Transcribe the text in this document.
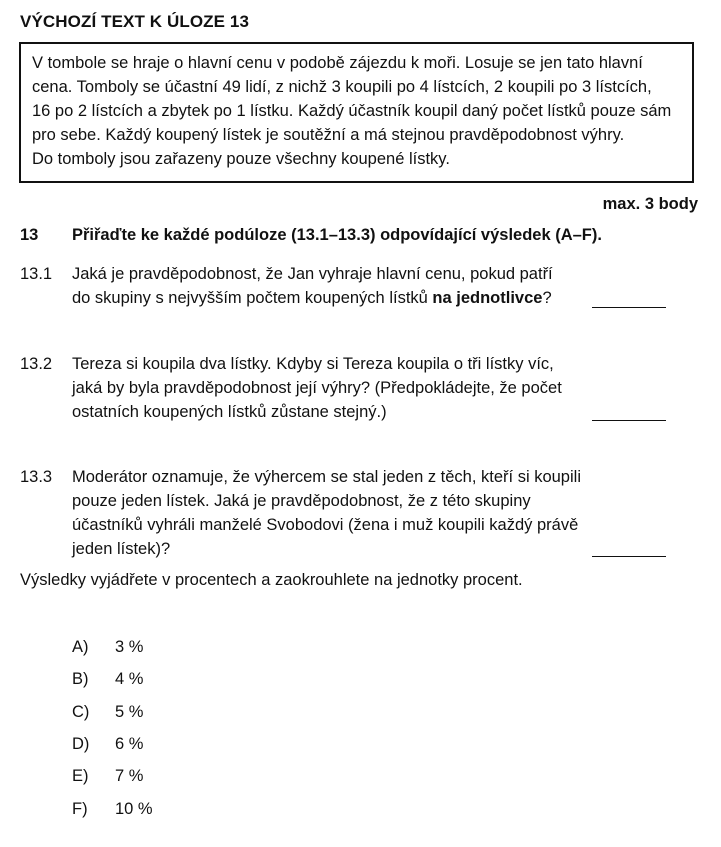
VÝCHOZÍ TEXT K ÚLOZE 13
V tombole se hraje o hlavní cenu v podobě zájezdu k moři. Losuje se jen tato hlavní
cena. Tomboly se účastní 49 lidí, z nichž 3 koupili po 4 lístcích, 2 koupili po 3 lístcích,
16 po 2 lístcích a zbytek po 1 lístku. Každý účastník koupil daný počet lístků pouze sám
pro sebe. Každý koupený lístek je soutěžní a má stejnou pravděpodobnost výhry.
Do tomboly jsou zařazeny pouze všechny koupené lístky.
max. 3 body
13 Přiřaďte ke každé podúloze (13.1–13.3) odpovídající výsledek (A–F).
13.1 Jaká je pravděpodobnost, že Jan vyhraje hlavní cenu, pokud patří
do skupiny s nejvyšším počtem koupených lístků na jednotlivce?
13.2 Tereza si koupila dva lístky. Kdyby si Tereza koupila o tři lístky víc,
jaká by byla pravděpodobnost její výhry? (Předpokládejte, že počet
ostatních koupených lístků zůstane stejný.)
13.3 Moderátor oznamuje, že výhercem se stal jeden z těch, kteří si koupili
pouze jeden lístek. Jaká je pravděpodobnost, že z této skupiny
účastníků vyhráli manželé Svobodovi (žena i muž koupili každý právě
jeden lístek)?
Výsledky vyjádřete v procentech a zaokrouhlete na jednotky procent.
A) 3 %
B) 4 %
C) 5 %
D) 6 %
E) 7 %
F) 10 %
